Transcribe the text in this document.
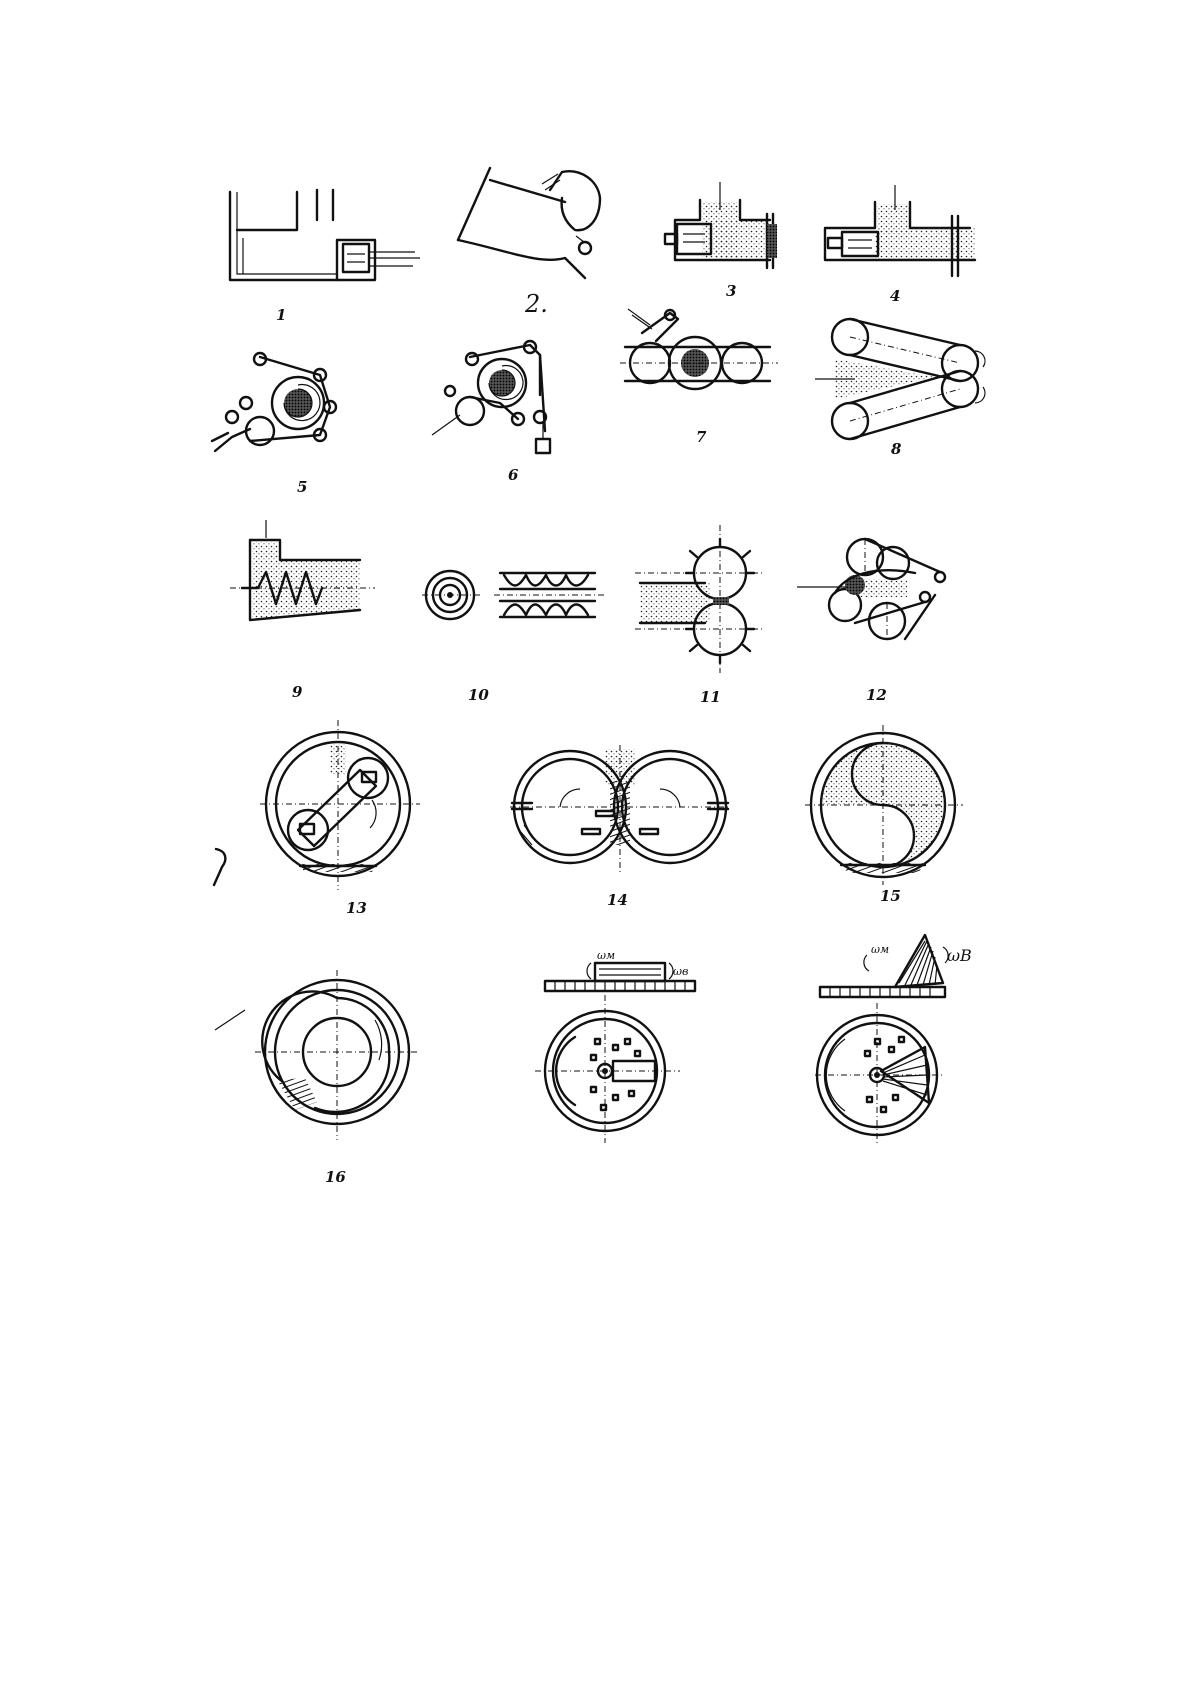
1	2.	3	4
5
6
7
8
9	10	11	12
13	14	15
16
ωм
ωв
ωм	ωB
